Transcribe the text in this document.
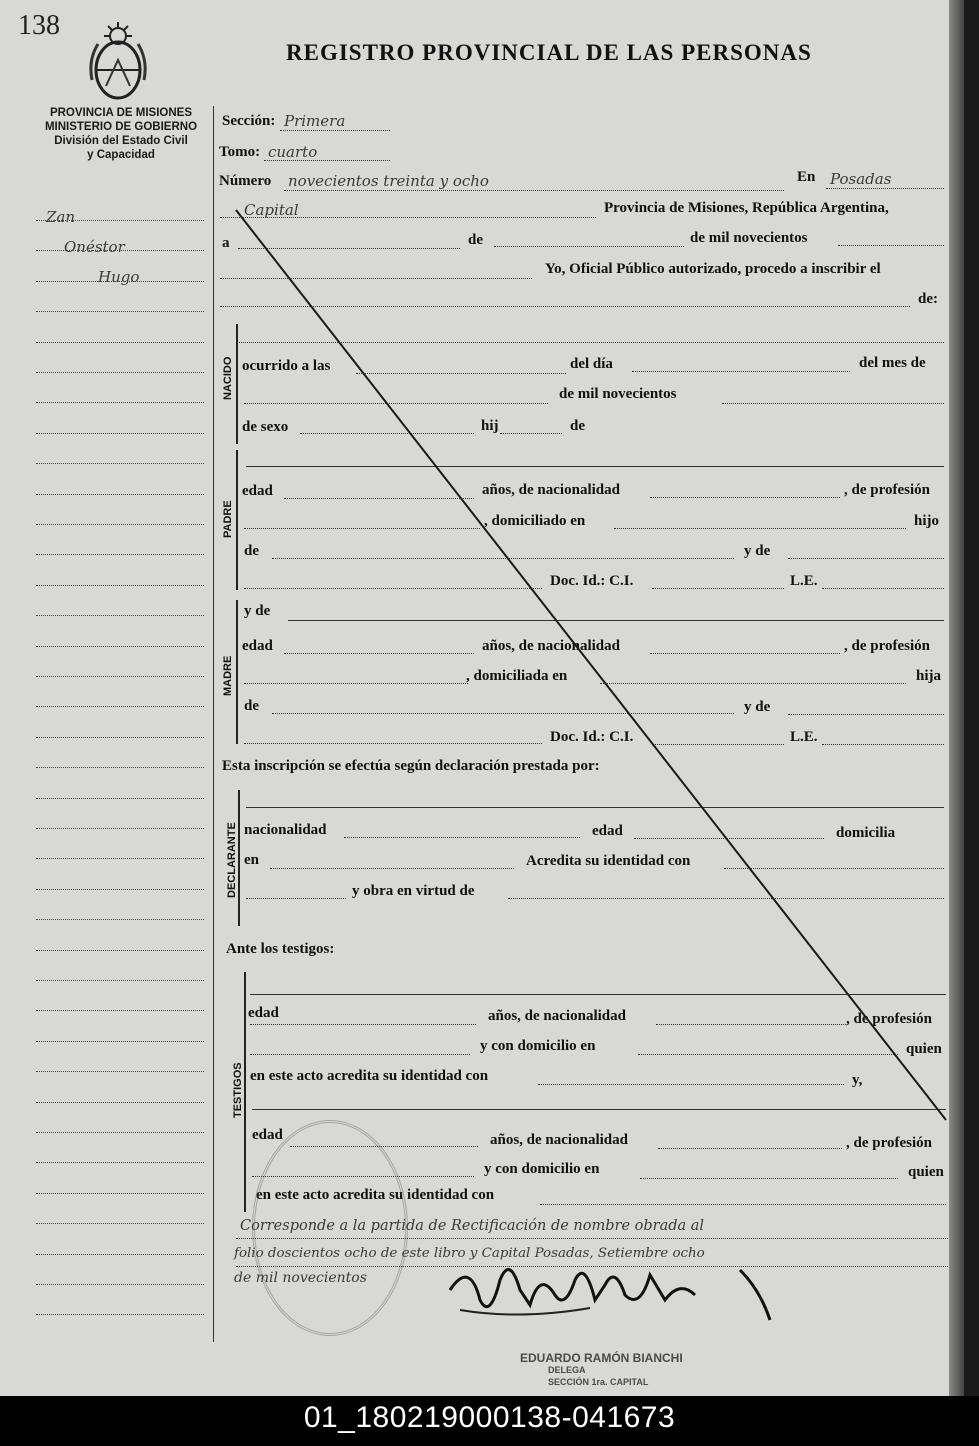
138
REGISTRO PROVINCIAL DE LAS PERSONAS
PROVINCIA DE MISIONES
MINISTERIO DE GOBIERNO
División del Estado Civil
y Capacidad
Zan
Onéstor
Hugo
Sección: Primera
Tomo: cuarto
Número novecientos treinta y ocho	En Posadas
Capital	Provincia de Misiones, República Argentina,
a	de	de mil novecientos
Yo, Oficial Público autorizado, procedo a inscribir el
de:
NACIDO ocurrido a las	del día	del mes de
de mil novecientos
de sexo	hij	de
PADRE
edad	años, de nacionalidad	, de profesión
, domiciliado en	hijo
de	y de
Doc. Id.: C.I.	L.E.
MADRE
y de
edad	años, de nacionalidad	, de profesión
, domiciliada en	hija
de	y de
Doc. Id.: C.I.	L.E.
Esta inscripción se efectúa según declaración prestada por:
DECLARANTE nacionalidad	edad	domicilia
en	Acredita su identidad con
y obra en virtud de
Ante los testigos:
TESTIGOS
edad	años, de nacionalidad	, de profesión
y con domicilio en	quien
en este acto acredita su identidad con	y,
edad	años, de nacionalidad	, de profesión
y con domicilio en	quien
en este acto acredita su identidad con
Corresponde a la partida de Rectificación de nombre obrada al
folio doscientos ocho de este libro y Capital Posadas, Setiembre ocho
de mil novecientos
EDUARDO RAMÓN BIANCHI
DELEGA
SECCIÓN 1ra. CAPITAL
01_180219000138-041673
